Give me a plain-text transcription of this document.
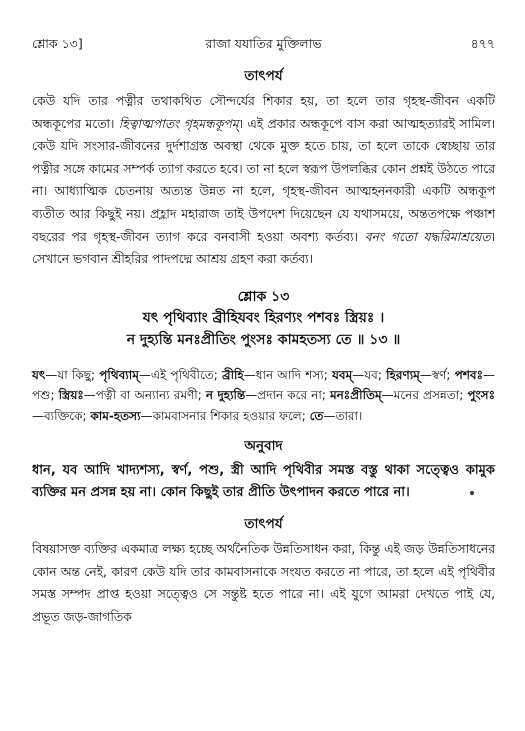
শ্লোক ১৩]	রাজা যযাতির মুক্তিলাভ	৪৭৭
তাৎপর্য

কেউ যদি তার পত্নীর তথাকথিত সৌন্দর্যের শিকার হয়, তা হলে তার গৃহস্থ-জীবন একটি অন্ধকূপের মতো। হিত্বাত্মপাতং গৃহমন্ধকূপম্। এই প্রকার অন্ধকূপে বাস করা আত্মহত্যারই সামিল। কেউ যদি সংসার-জীবনের দুর্দশাগ্রস্ত অবস্থা থেকে মুক্ত হতে চায়, তা হলে তাকে স্বেচ্ছায় তার পত্নীর সঙ্গে কামের সম্পর্ক ত্যাগ করতে হবে। তা না হলে স্বরূপ উপলব্ধির কোন প্রশ্নই উঠতে পারে না। আধ্যাত্মিক চেতনায় অত্যন্ত উন্নত না হলে, গৃহস্থ-জীবন আত্মহননকারী একটি অন্ধকূপ ব্যতীত আর কিছুই নয়। প্রহ্লাদ মহারাজ তাই উপদেশ দিয়েছেন যে যথাসময়ে, অন্ততপক্ষে পঞ্চাশ বছরের পর গৃহস্থ-জীবন ত্যাগ করে বনবাসী হওয়া অবশ্য কর্তব্য। বনং গতো যদ্ধরিমাশ্রয়েত। সেখানে ভগবান শ্রীহরির পাদপদ্মে আশ্রয় গ্রহণ করা কর্তব্য।

শ্লোক ১৩

যৎ পৃথিব্যাং ব্রীহিযবং হিরণ্যং পশবঃ স্ত্রিয়ঃ ।

ন দুহ্যন্তি মনঃপ্রীতিং পুংসঃ কামহতস্য তে ॥ ১৩ ॥

যৎ—যা কিছু; পৃথিব্যাম্—এই পৃথিবীতে; ব্রীহি—ধান আদি শস্য; যবম্—যব; হিরণ্যম্—স্বর্ণ; পশবঃ—পশু; স্ত্রিয়ঃ—পত্নী বা অন্যান্য রমণী; ন দুহ্যন্তি—প্রদান করে না; মনঃপ্রীতিম্—মনের প্রসন্নতা; পুংসঃ—ব্যক্তিকে; কাম-হতস্য—কামবাসনার শিকার হওয়ার ফলে; তে—তারা।

অনুবাদ

ধান, যব আদি খাদ্যশস্য, স্বর্ণ, পশু, স্ত্রী আদি পৃথিবীর সমস্ত বস্তু থাকা সত্ত্বেও কামুক ব্যক্তির মন প্রসন্ন হয় না। কোন কিছুই তার প্রীতি উৎপাদন করতে পারে না।

তাৎপর্য

বিষয়াসক্ত ব্যক্তির একমাত্র লক্ষ্য হচ্ছে অর্থনৈতিক উন্নতিসাধন করা, কিন্তু এই জড় উন্নতিসাধনের কোন অন্ত নেই, কারণ কেউ যদি তার কামবাসনাকে সংযত করতে না পারে, তা হলে এই পৃথিবীর সমস্ত সম্পদ প্রাপ্ত হওয়া সত্ত্বেও সে সন্তুষ্ট হতে পারে না। এই যুগে আমরা দেখতে পাই যে, প্রভূত জড়-জাগতিক
